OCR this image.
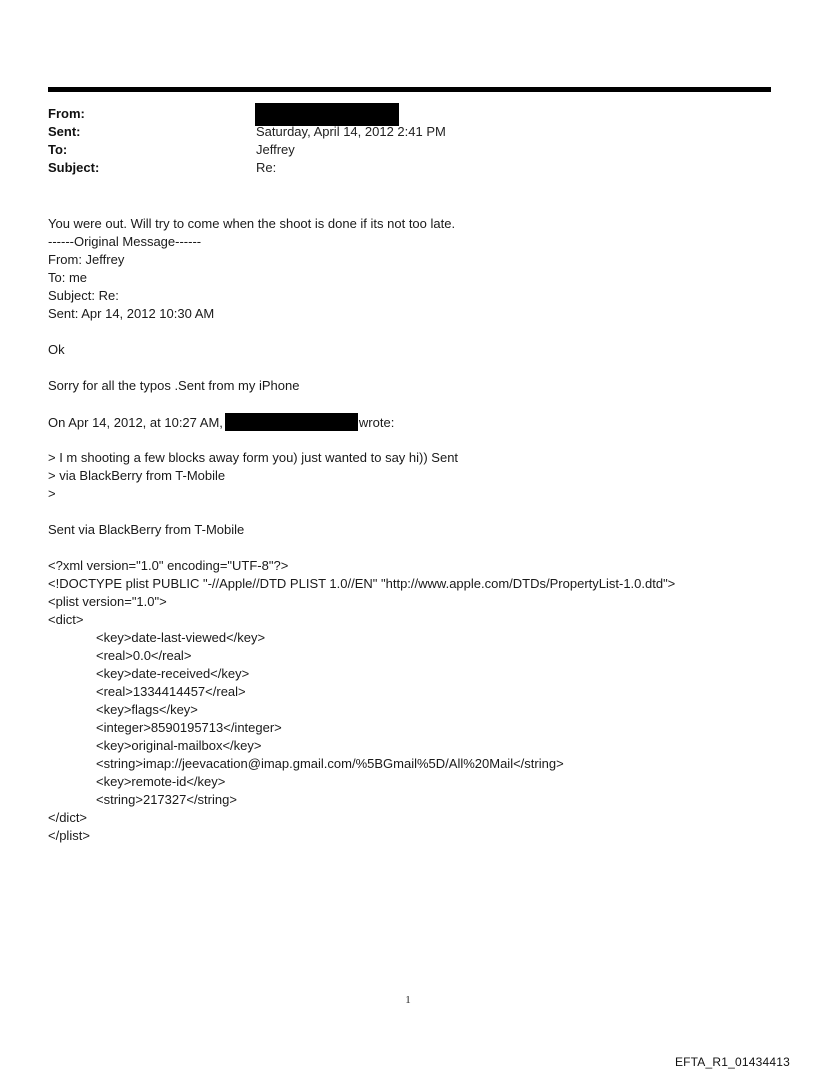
From:
Sent:	Saturday, April 14, 2012 2:41 PM
To:	Jeffrey
Subject:	Re:
You were out. Will try to come when the shoot is done if its not too late.
------Original Message------
From: Jeffrey
To: me
Subject: Re:
Sent: Apr 14, 2012 10:30 AM
Ok
Sorry for all the typos .Sent from my iPhone
On Apr 14, 2012, at 10:27 AM,	wrote:
> I m shooting a few blocks away form you) just wanted to say hi)) Sent
> via BlackBerry from T-Mobile
>
Sent via BlackBerry from T-Mobile
<?xml version="1.0" encoding="UTF-8"?>
<!DOCTYPE plist PUBLIC "-//Apple//DTD PLIST 1.0//EN" "http://www.apple.com/DTDs/PropertyList-1.0.dtd">
<plist version="1.0">
<dict>
<key>date-last-viewed</key>
<real>0.0</real>
<key>date-received</key>
<real>1334414457</real>
<key>flags</key>
<integer>8590195713</integer>
<key>original-mailbox</key>
<string>imap://jeevacation@imap.gmail.com/%5BGmail%5D/All%20Mail</string>
<key>remote-id</key>
<string>217327</string>
</dict>
</plist>
1
EFTA_R1_01434413
